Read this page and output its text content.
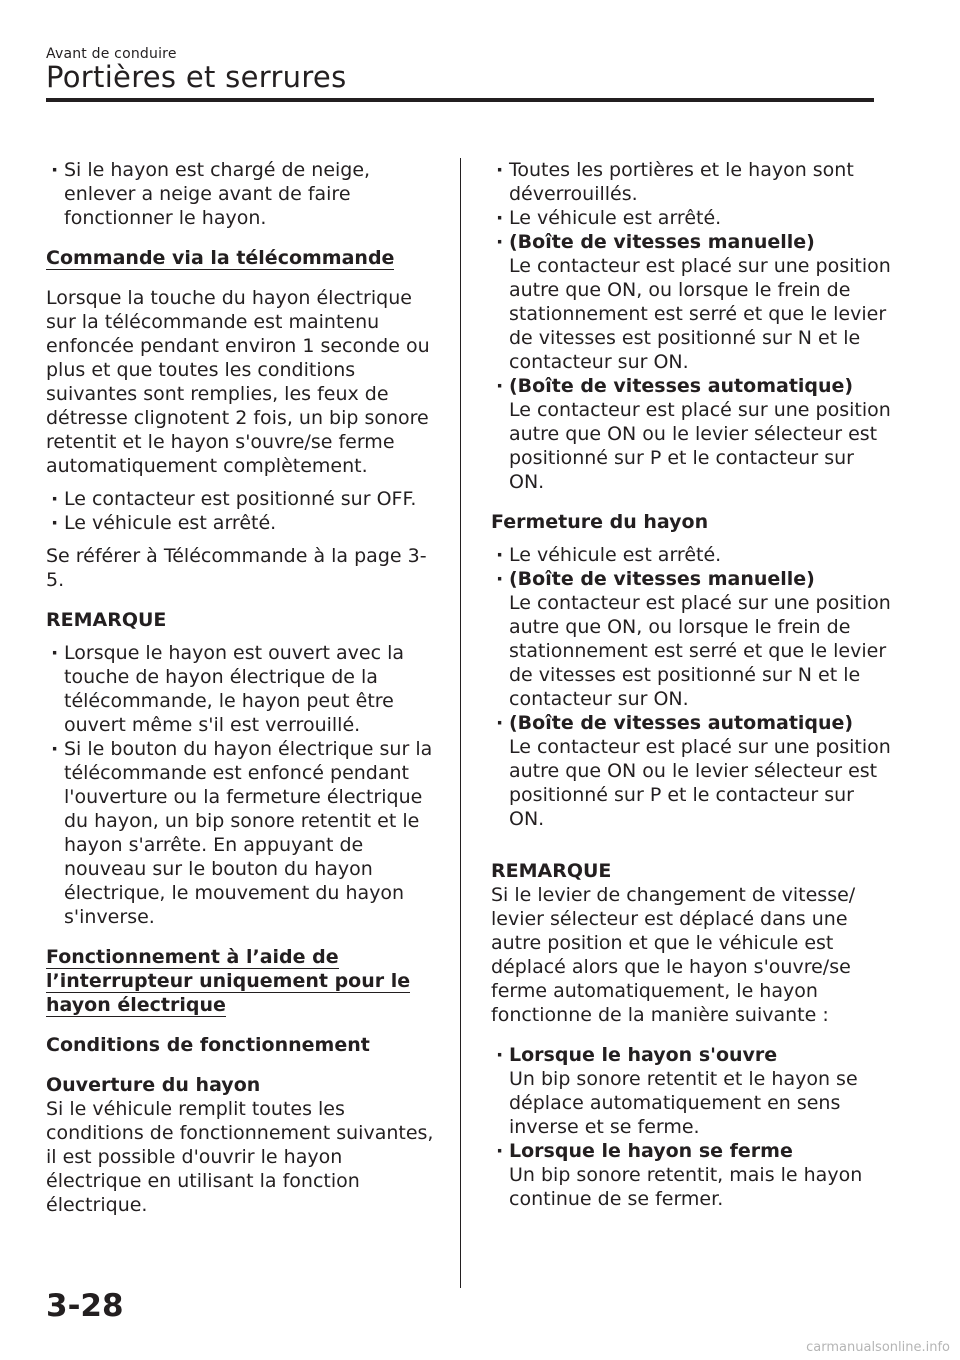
Avant de conduire
Portières et serrures

· Si le hayon est chargé de neige, enlever a neige avant de faire fonctionner le hayon.

Commande via la télécommande

Lorsque la touche du hayon électrique sur la télécommande est maintenu enfoncée pendant environ 1 seconde ou plus et que toutes les conditions suivantes sont remplies, les feux de détresse clignotent 2 fois, un bip sonore retentit et le hayon s'ouvre/se ferme automatiquement complètement.

· Le contacteur est positionné sur OFF.

· Le véhicule est arrêté.

Se référer à Télécommande à la page 3-5.

REMARQUE

· Lorsque le hayon est ouvert avec la touche de hayon électrique de la télécommande, le hayon peut être ouvert même s'il est verrouillé.

· Si le bouton du hayon électrique sur la télécommande est enfoncé pendant l'ouverture ou la fermeture électrique du hayon, un bip sonore retentit et le hayon s'arrête. En appuyant de nouveau sur le bouton du hayon électrique, le mouvement du hayon s'inverse.

Fonctionnement à l’aide de
l’interrupteur uniquement pour le
hayon électrique

Conditions de fonctionnement

Ouverture du hayon

Si le véhicule remplit toutes les conditions de fonctionnement suivantes, il est possible d'ouvrir le hayon électrique en utilisant la fonction électrique.

· Toutes les portières et le hayon sont déverrouillés.

· Le véhicule est arrêté.

· (Boîte de vitesses manuelle)
Le contacteur est placé sur une position autre que ON, ou lorsque le frein de stationnement est serré et que le levier de vitesses est positionné sur N et le contacteur sur ON.
· (Boîte de vitesses automatique)
Le contacteur est placé sur une position autre que ON ou le levier sélecteur est positionné sur P et le contacteur sur ON.

Fermeture du hayon

· Le véhicule est arrêté.

· (Boîte de vitesses manuelle)
Le contacteur est placé sur une position autre que ON, ou lorsque le frein de stationnement est serré et que le levier de vitesses est positionné sur N et le contacteur sur ON.
· (Boîte de vitesses automatique)
Le contacteur est placé sur une position autre que ON ou le levier sélecteur est positionné sur P et le contacteur sur ON.

REMARQUE

Si le levier de changement de vitesse/ levier sélecteur est déplacé dans une autre position et que le véhicule est déplacé alors que le hayon s'ouvre/se ferme automatiquement, le hayon fonctionne de la manière suivante :

· Lorsque le hayon s'ouvre
Un bip sonore retentit et le hayon se déplace automatiquement en sens inverse et se ferme.
· Lorsque le hayon se ferme
Un bip sonore retentit, mais le hayon continue de se fermer.
3-28
carmanualsonline.info
